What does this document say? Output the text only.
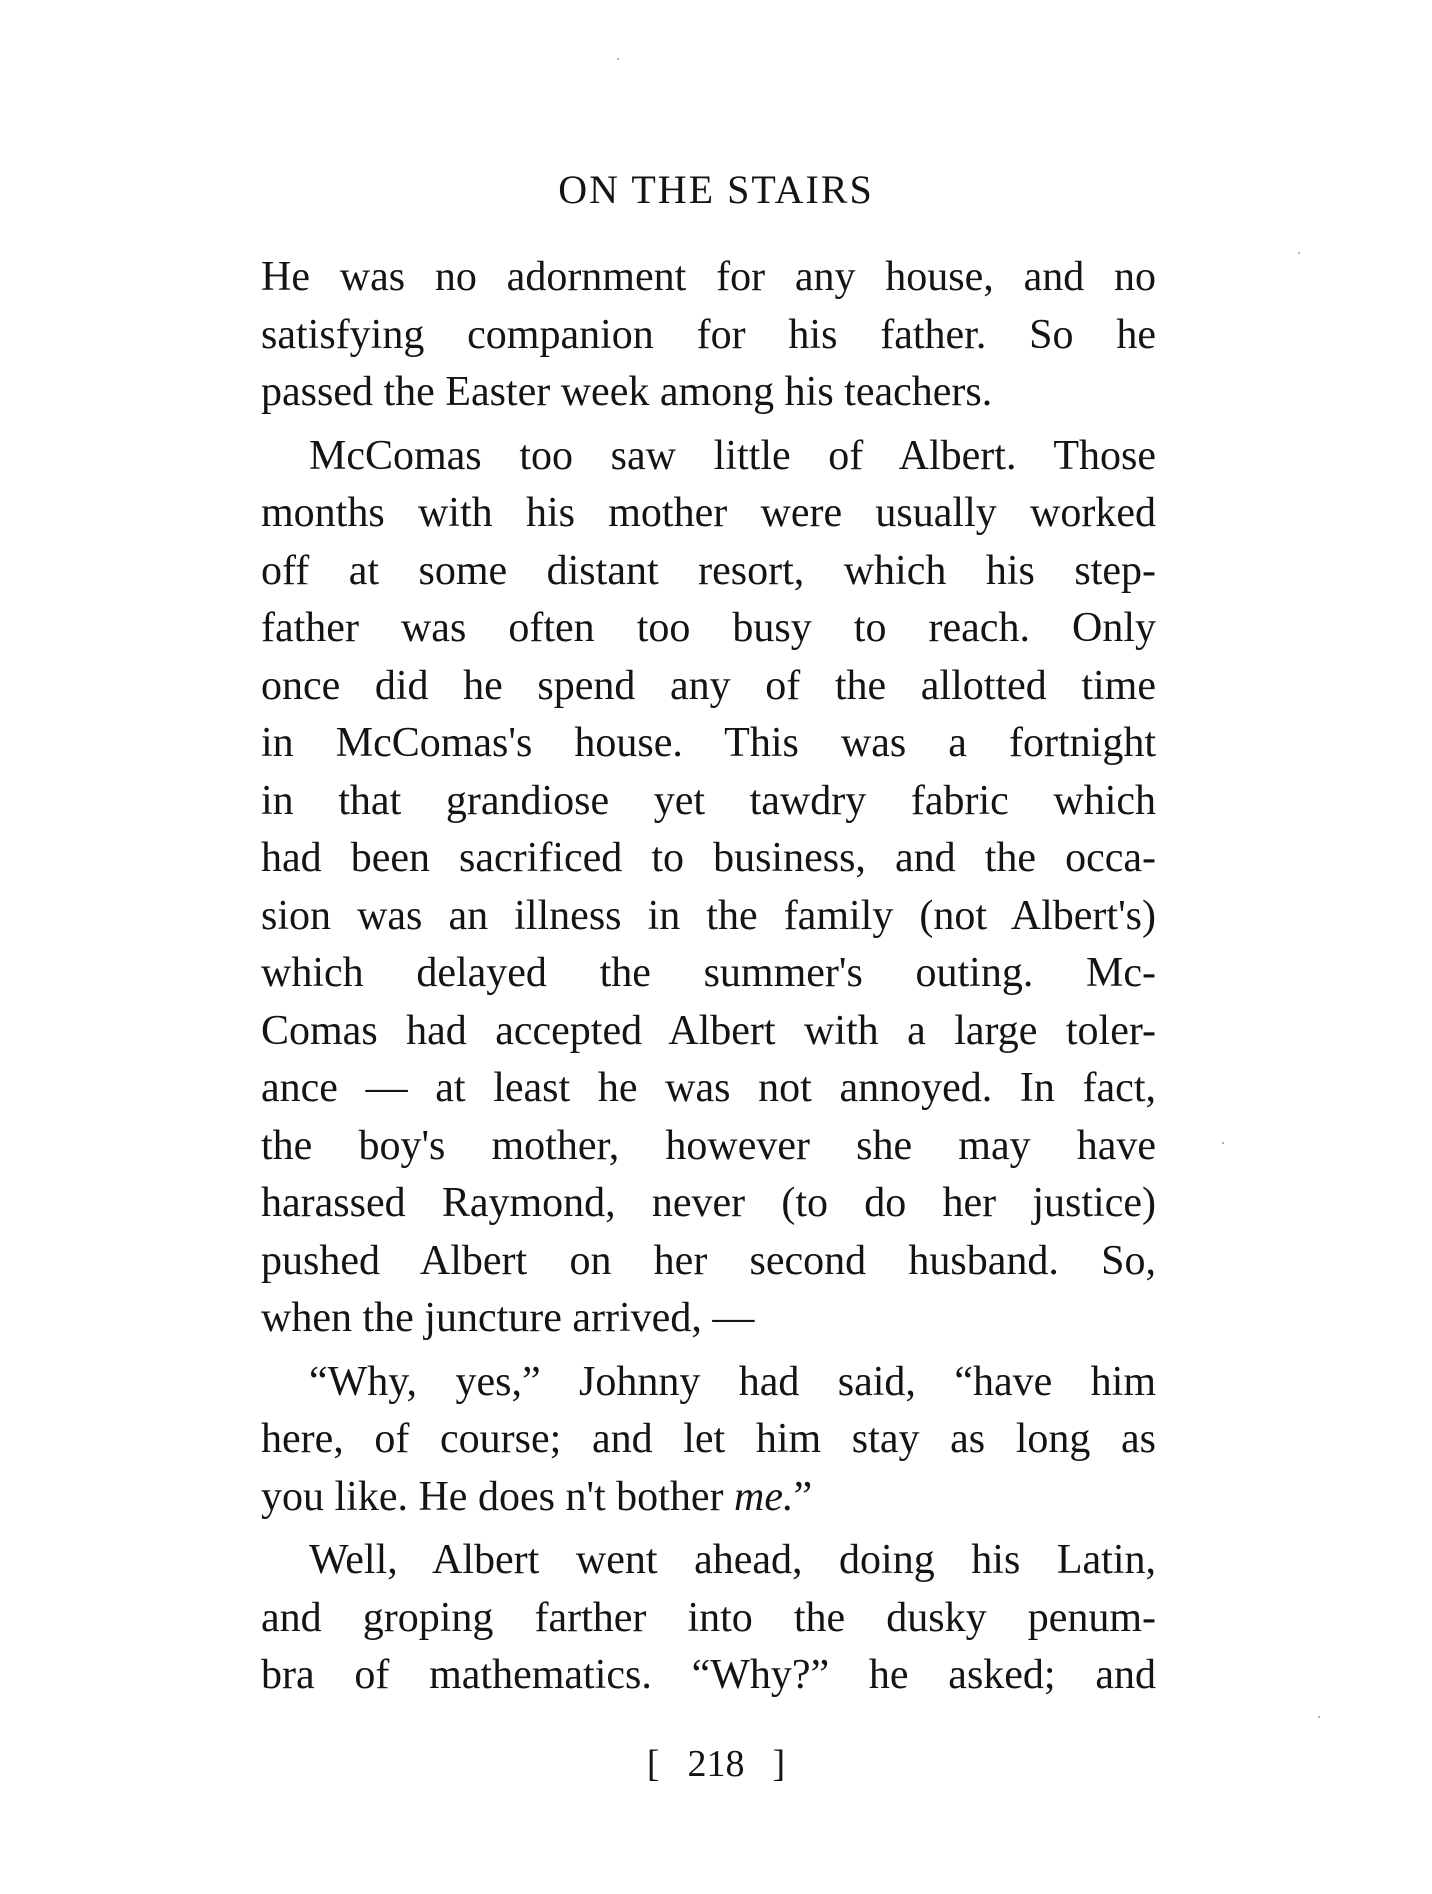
ON THE STAIRS
He was no adornment for any house, and no
satisfying companion for his father. So he
passed the Easter week among his teachers.
McComas too saw little of Albert. Those
months with his mother were usually worked
off at some distant resort, which his step-
father was often too busy to reach. Only
once did he spend any of the allotted time
in McComas's house. This was a fortnight
in that grandiose yet tawdry fabric which
had been sacrificed to business, and the occa-
sion was an illness in the family (not Albert's)
which delayed the summer's outing. Mc-
Comas had accepted Albert with a large toler-
ance — at least he was not annoyed. In fact,
the boy's mother, however she may have
harassed Raymond, never (to do her justice)
pushed Albert on her second husband. So,
when the juncture arrived, —
“Why, yes,” Johnny had said, “have him
here, of course; and let him stay as long as
you like. He does n't bother me.”
Well, Albert went ahead, doing his Latin,
and groping farther into the dusky penum-
bra of mathematics. “Why?” he asked; and
[ 218 ]
